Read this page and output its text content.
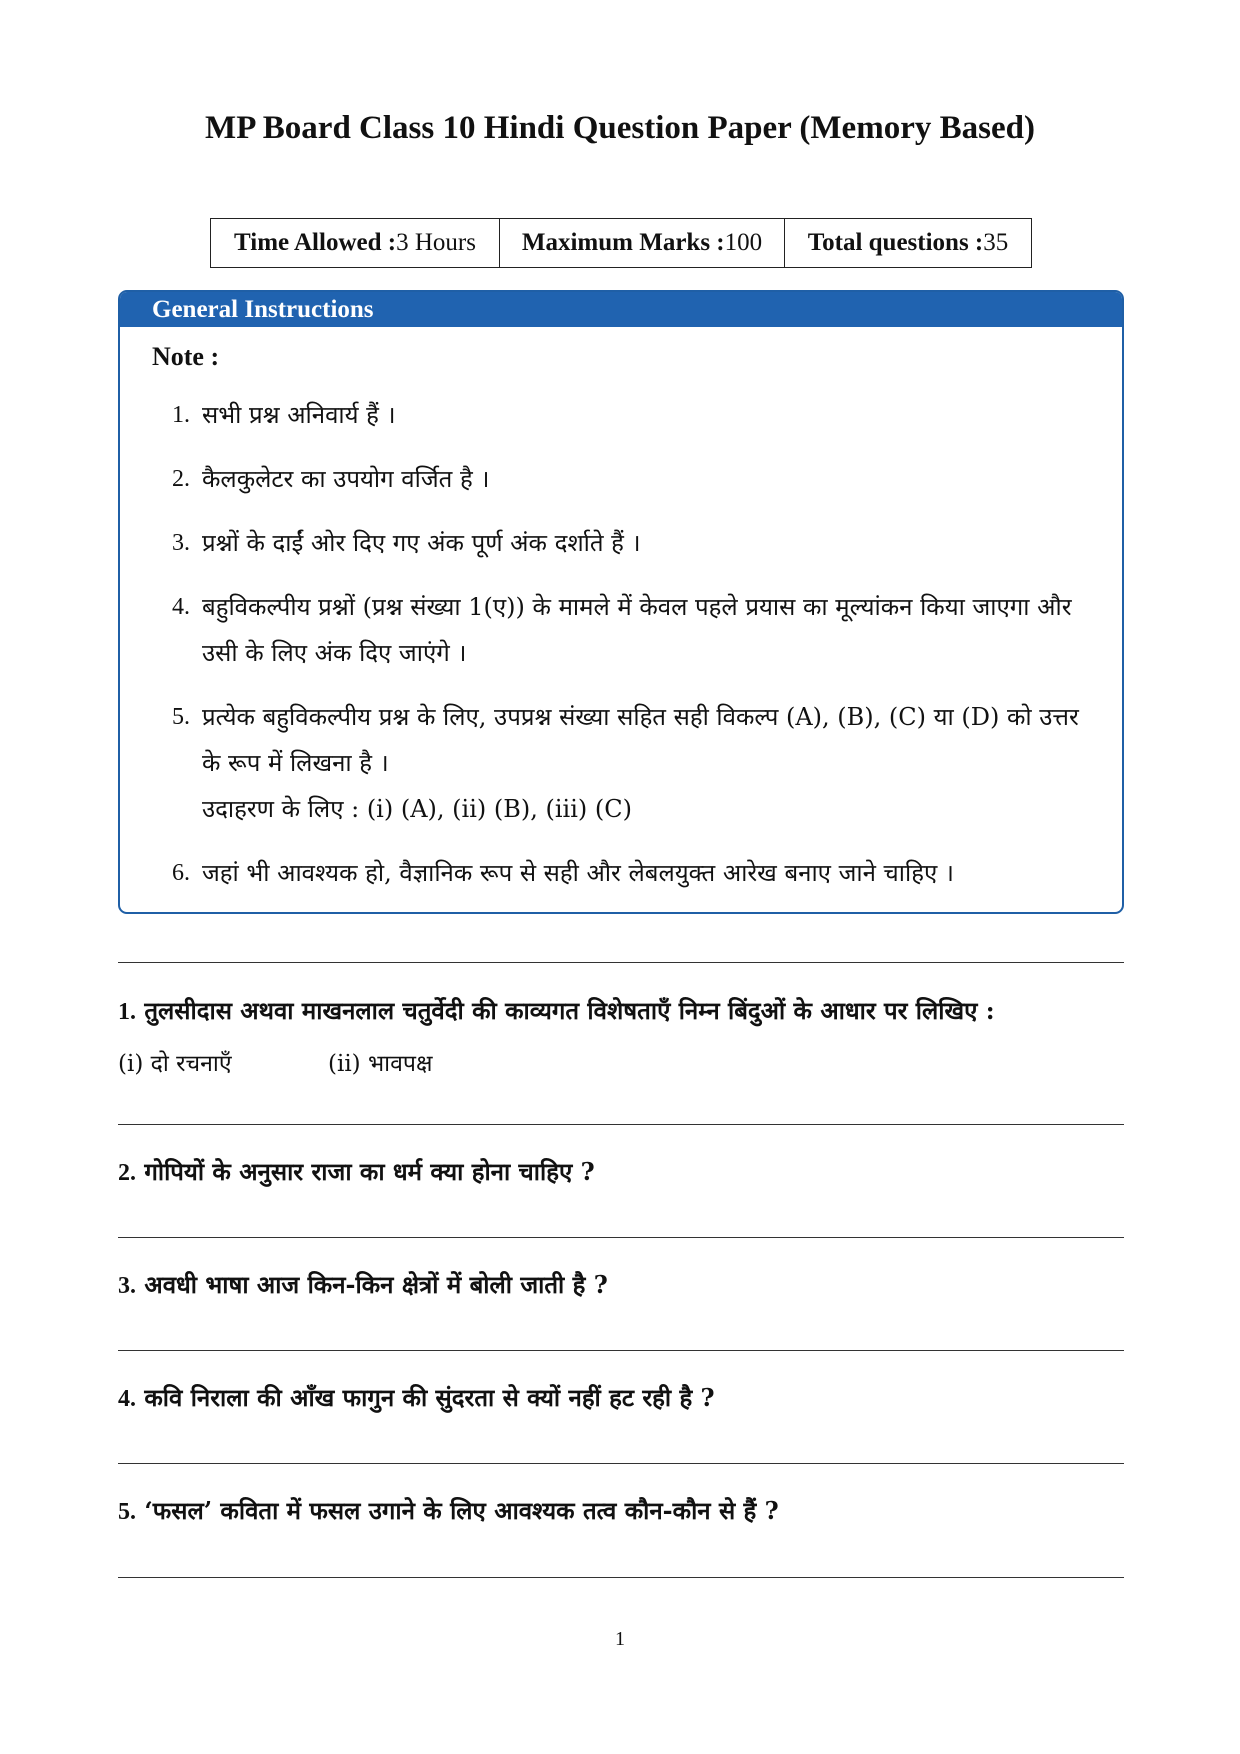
MP Board Class 10 Hindi Question Paper (Memory Based)
Time Allowed : 3 Hours Maximum Marks : 100 Total questions : 35
General Instructions
Note :
1. सभी प्रश्न अनिवार्य हैं ।
2. कैलकुलेटर का उपयोग वर्जित है ।
3. प्रश्नों के दाईं ओर दिए गए अंक पूर्ण अंक दर्शाते हैं ।
4. बहुविकल्पीय प्रश्नों (प्रश्न संख्या 1(ए)) के मामले में केवल पहले प्रयास का मूल्यांकन किया जाएगा और उसी के लिए अंक दिए जाएंगे ।
5. प्रत्येक बहुविकल्पीय प्रश्न के लिए, उपप्रश्न संख्या सहित सही विकल्प (A), (B), (C) या (D) को उत्तर के रूप में लिखना है ।
उदाहरण के लिए : (i) (A), (ii) (B), (iii) (C)
6. जहां भी आवश्यक हो, वैज्ञानिक रूप से सही और लेबलयुक्त आरेख बनाए जाने चाहिए ।
1. तुलसीदास अथवा माखनलाल चतुर्वेदी की काव्यगत विशेषताएँ निम्न बिंदुओं के आधार पर लिखिए :
(i) दो रचनाएँ	(ii) भावपक्ष
2. गोपियों के अनुसार राजा का धर्म क्या होना चाहिए ?
3. अवधी भाषा आज किन-किन क्षेत्रों में बोली जाती है ?
4. कवि निराला की आँख फागुन की सुंदरता से क्यों नहीं हट रही है ?
5. ‘फसल’ कविता में फसल उगाने के लिए आवश्यक तत्व कौन-कौन से हैं ?
1
